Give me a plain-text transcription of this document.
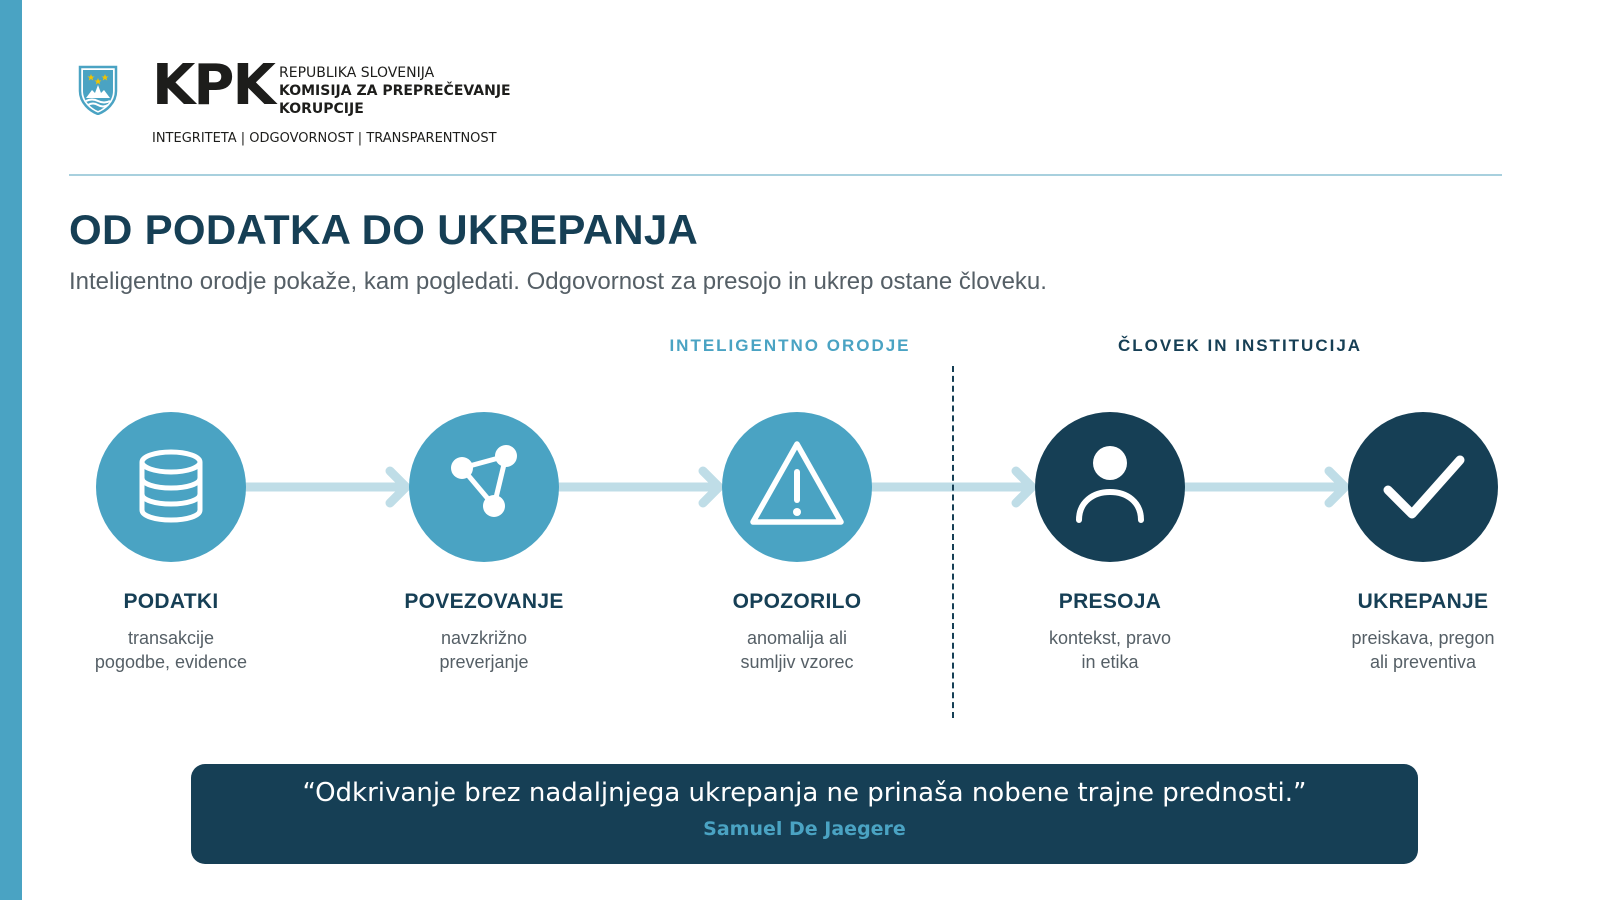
KPK REPUBLIKA SLOVENIJA
KOMISIJA ZA PREPREČEVANJE
KORUPCIJE
INTEGRITETA | ODGOVORNOST | TRANSPARENTNOST
OD PODATKA DO UKREPANJA
Inteligentno orodje pokaže, kam pogledati. Odgovornost za presojo in ukrep ostane človeku.
INTELIGENTNO ORODJE	ČLOVEK IN INSTITUCIJA
PODATKI
transakcije
pogodbe, evidence
POVEZOVANJE
navzkrižno
preverjanje
OPOZORILO
anomalija ali
sumljiv vzorec
PRESOJA
kontekst, pravo
in etika
UKREPANJE
preiskava, pregon
ali preventiva
“Odkrivanje brez nadaljnjega ukrepanja ne prinaša nobene trajne prednosti.”
Samuel De Jaegere
